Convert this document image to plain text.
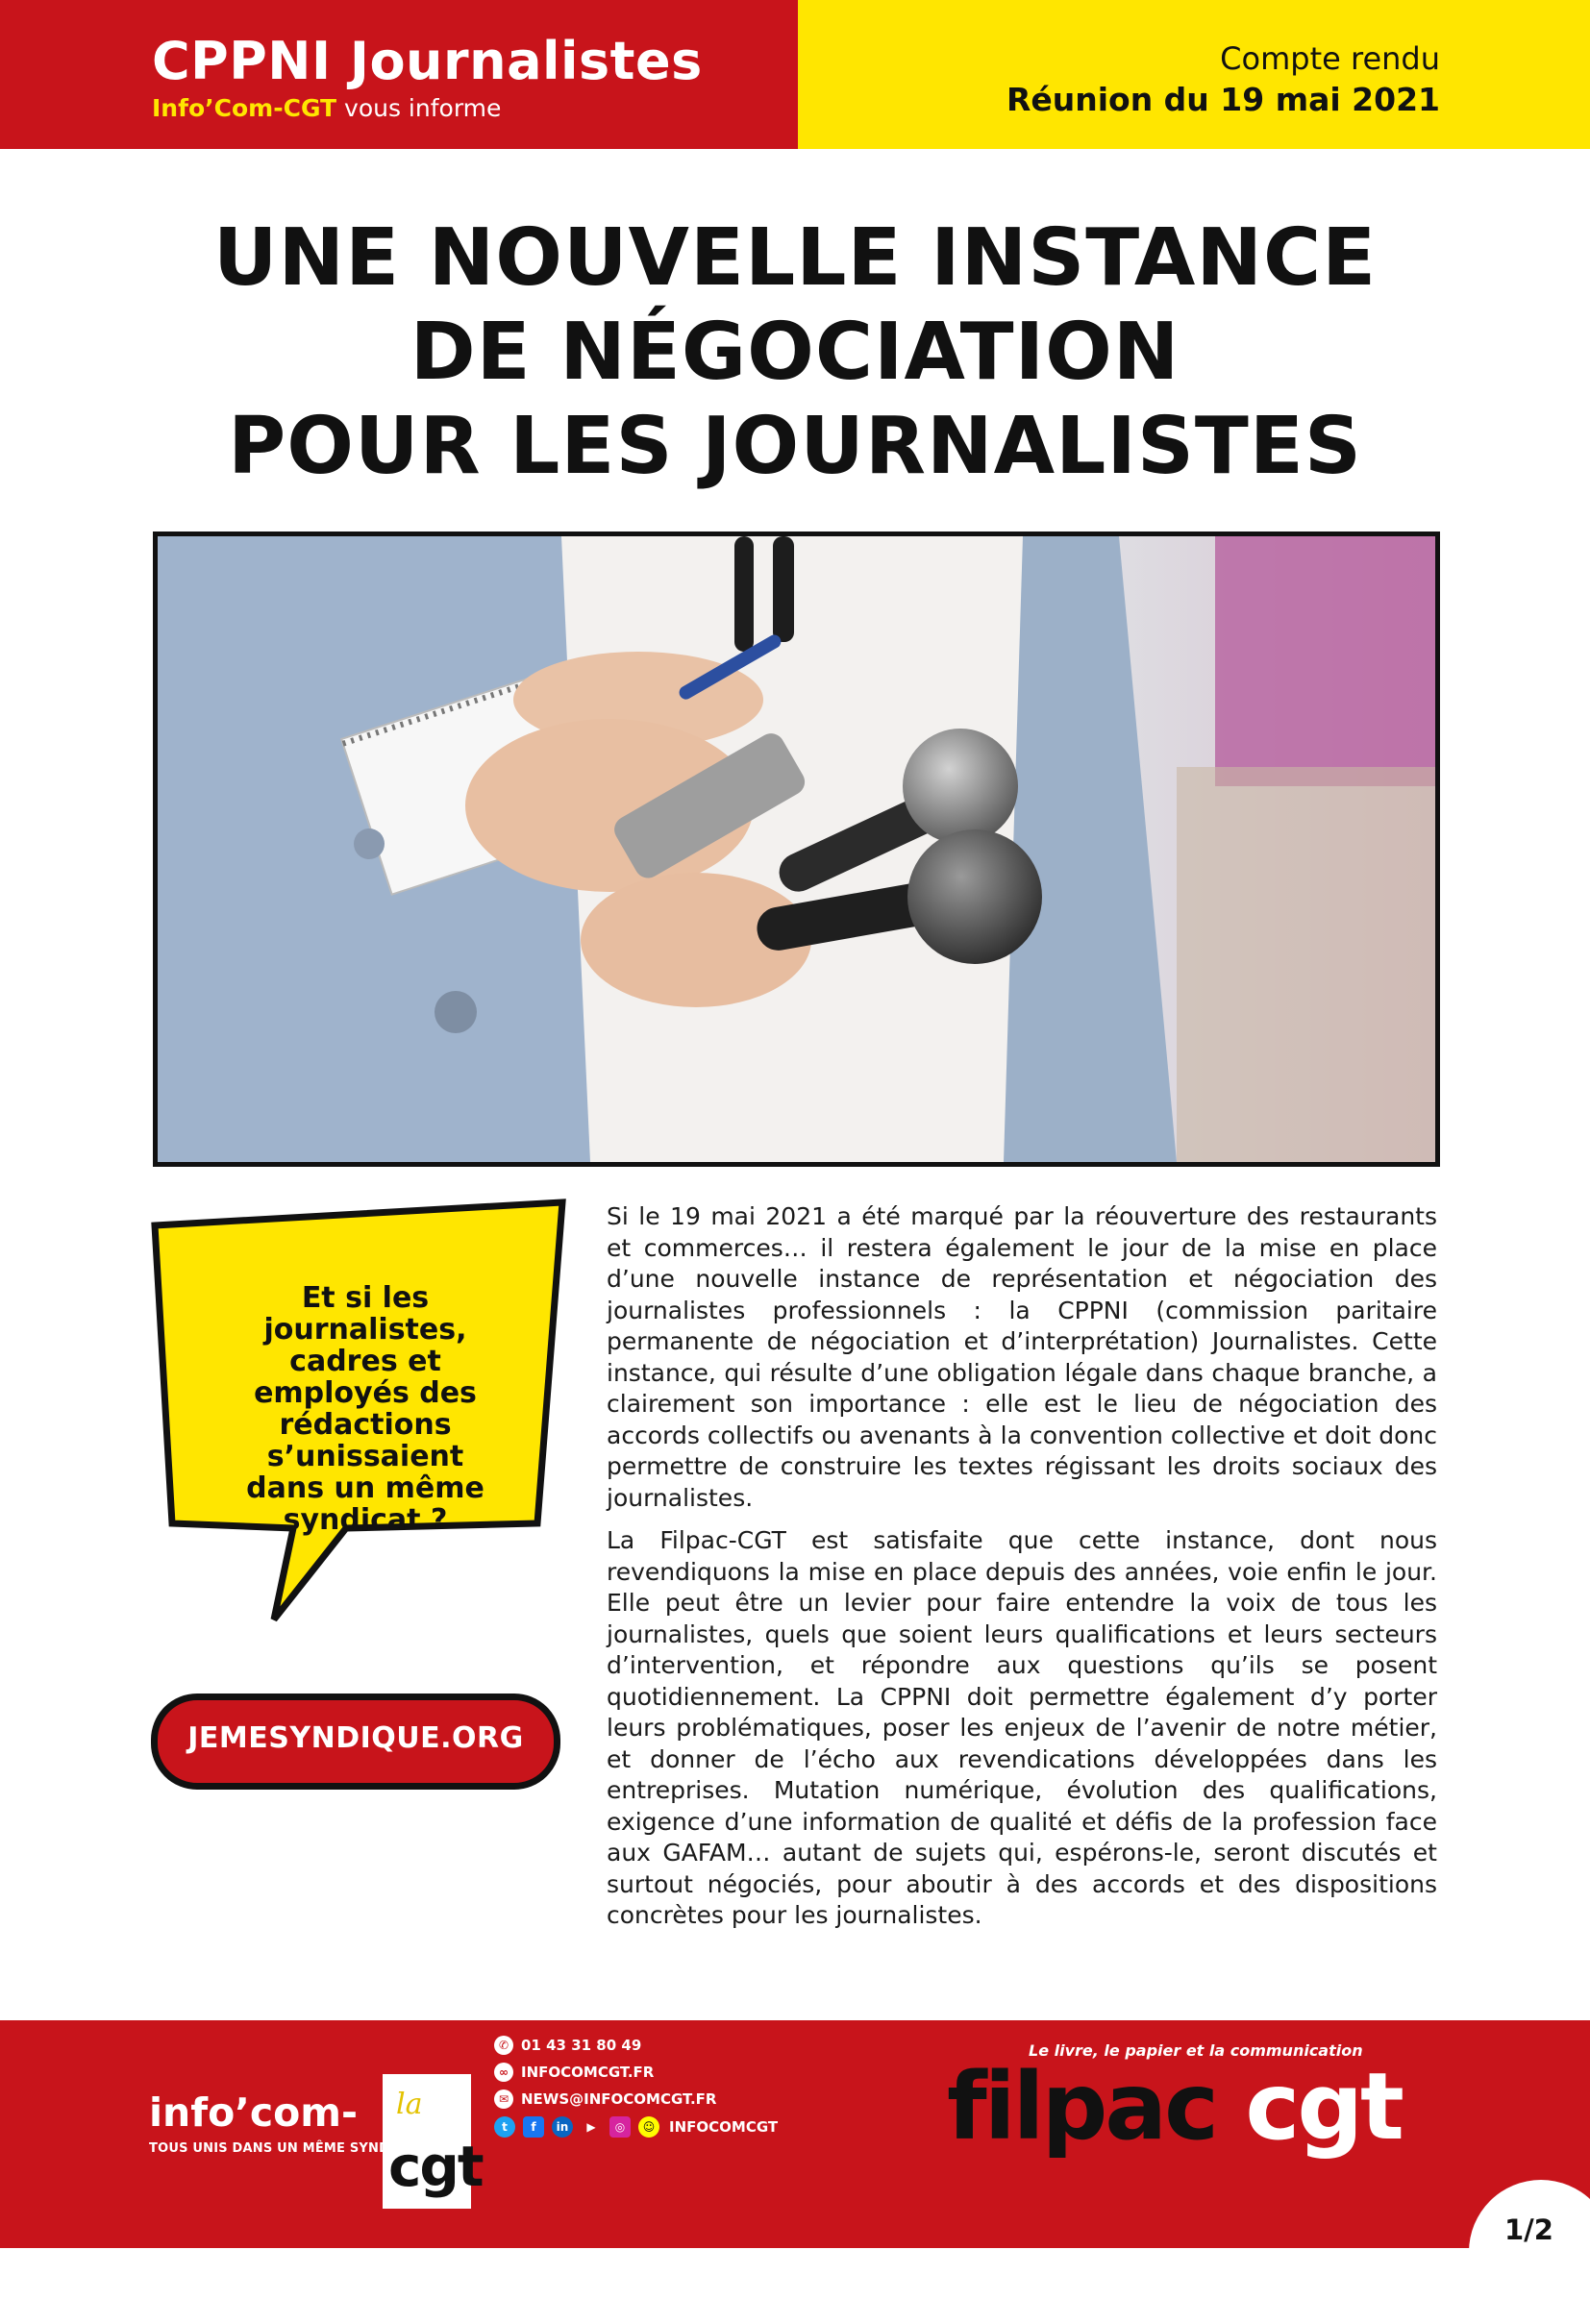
CPPNI Journalistes
Info’Com-CGT vous informe
Compte rendu
Réunion du 19 mai 2021
UNE NOUVELLE INSTANCE
DE NÉGOCIATION
POUR LES JOURNALISTES
Et si les
journalistes,
cadres et
employés des
rédactions
s’unissaient
dans un même
syndicat ?
JEMESYNDIQUE.ORG

Si le 19 mai 2021 a été marqué par la réouverture des restaurants et commerces… il restera également le jour de la mise en place d’une nouvelle instance de représentation et négociation des journalistes professionnels : la CPPNI (commission paritaire permanente de négociation et d’interprétation) Journalistes. Cette instance, qui résulte d’une obligation légale dans chaque branche, a clairement son importance : elle est le lieu de négociation des accords collectifs ou avenants à la convention collective et doit donc permettre de construire les textes régissant les droits sociaux des journalistes.

La Filpac-CGT est satisfaite que cette instance, dont nous revendiquons la mise en place depuis des années, voie enfin le jour. Elle peut être un levier pour faire entendre la voix de tous les journalistes, quels que soient leurs qualifications et leurs secteurs d’intervention, et répondre aux questions qu’ils se posent quotidiennement. La CPPNI doit permettre également d’y porter leurs problématiques, poser les enjeux de l’avenir de notre métier, et donner de l’écho aux revendications développées dans les entreprises. Mutation numérique, évolution des qualifications, exigence d’une information de qualité et défis de la profession face aux GAFAM… autant de sujets qui, espérons-le, seront discutés et surtout négociés, pour aboutir à des accords et des dispositions concrètes pour les journalistes.

la
cgt
info’com-
TOUS UNIS DANS UN MÊME SYNDICAT
✆ 01 43 31 80 49
∞ INFOCOMCGT.FR
✉ NEWS@INFOCOMCGT.FR
t	f	in	▶	◎	☺ INFOCOMCGT
Le livre, le papier et la communication
filpac cgt
1/2
